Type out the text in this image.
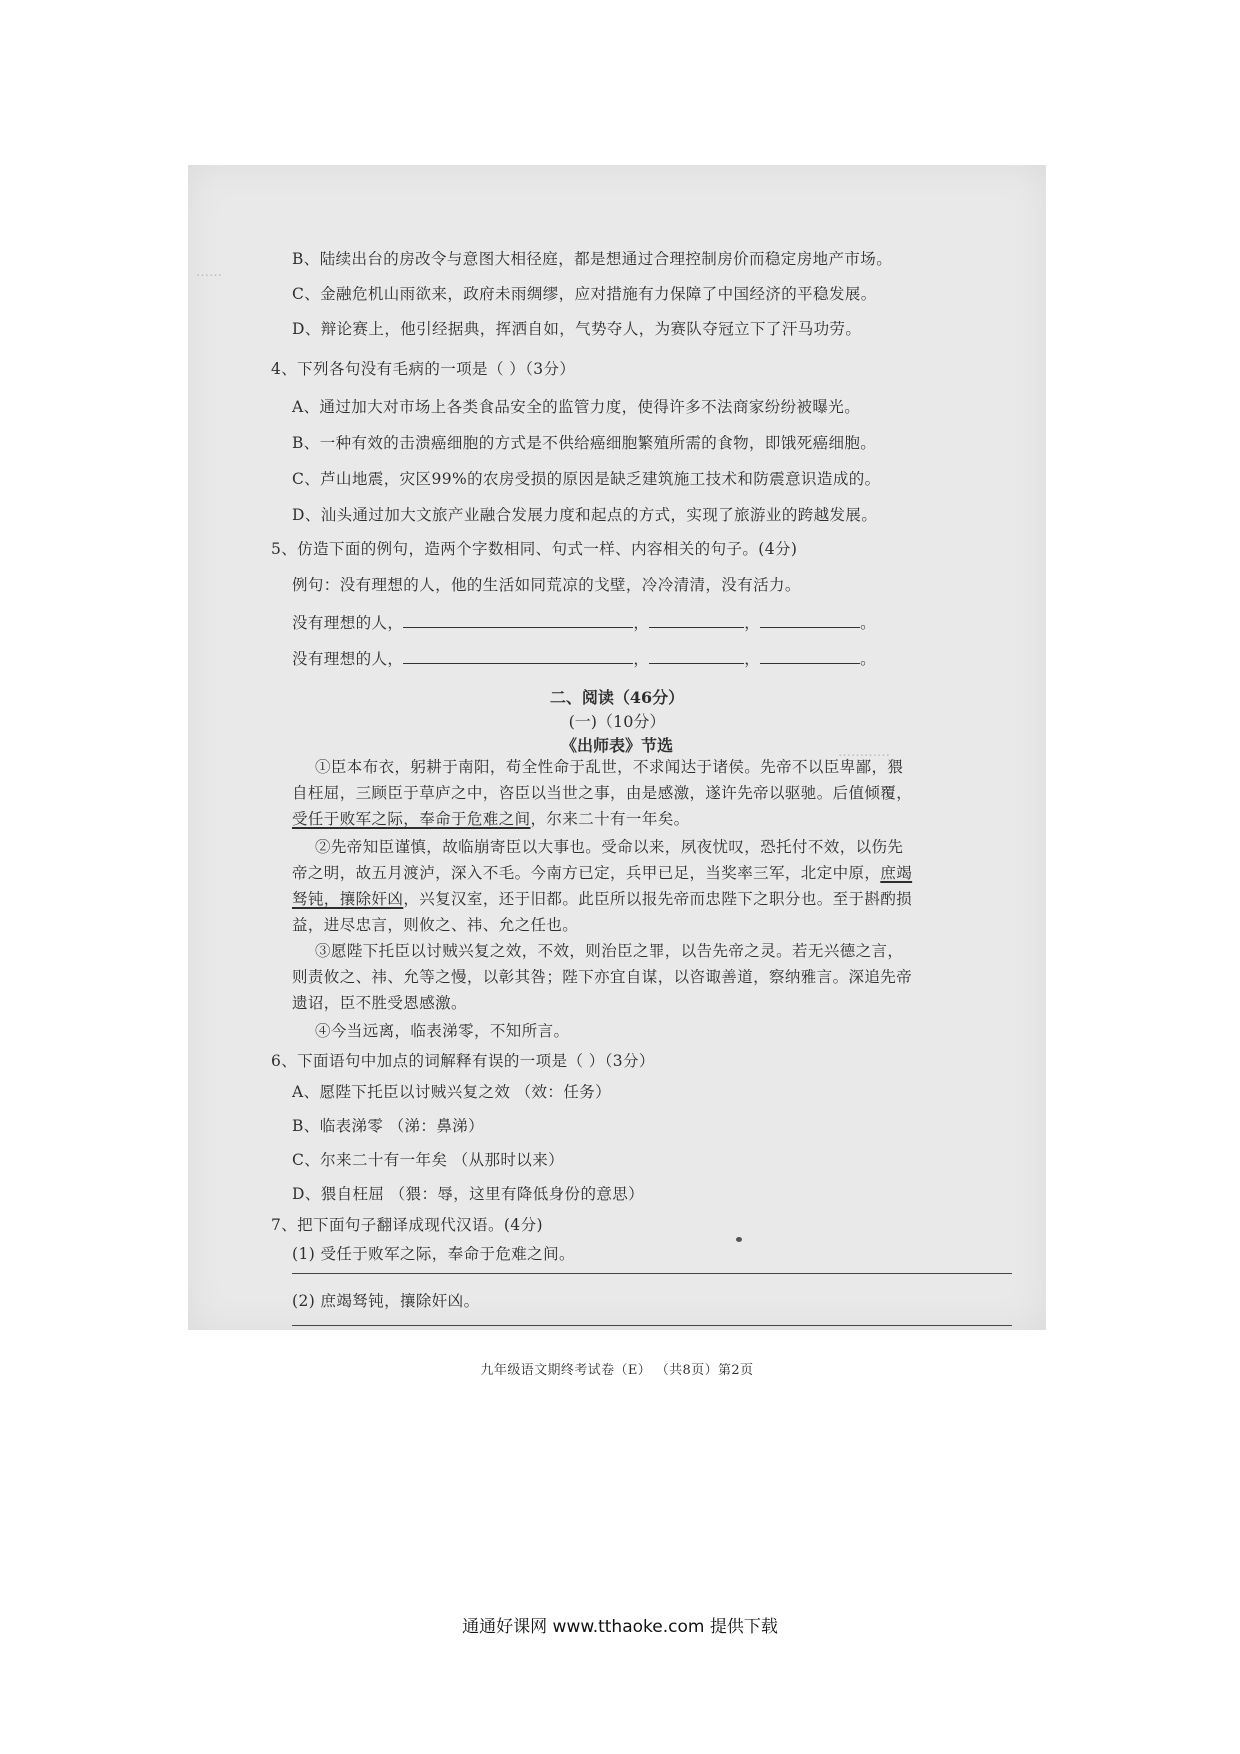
……
…………
B、陆续出台的房改令与意图大相径庭，都是想通过合理控制房价而稳定房地产市场。
C、金融危机山雨欲来，政府未雨绸缪，应对措施有力保障了中国经济的平稳发展。
D、辩论赛上，他引经据典，挥洒自如，气势夺人，为赛队夺冠立下了汗马功劳。
4、下列各句没有毛病的一项是（ ）（3分）
A、通过加大对市场上各类食品安全的监管力度，使得许多不法商家纷纷被曝光。
B、一种有效的击溃癌细胞的方式是不供给癌细胞繁殖所需的食物，即饿死癌细胞。
C、芦山地震，灾区99%的农房受损的原因是缺乏建筑施工技术和防震意识造成的。
D、汕头通过加大文旅产业融合发展力度和起点的方式，实现了旅游业的跨越发展。
5、仿造下面的例句，造两个字数相同、句式一样、内容相关的句子。(4分)
例句：没有理想的人，他的生活如同荒凉的戈壁，冷冷清清，没有活力。
没有理想的人，	，	，	。
没有理想的人，	，	，	。
二、阅读（46分）
(一)（10分）
《出师表》节选
①臣本布衣，躬耕于南阳，苟全性命于乱世，不求闻达于诸侯。先帝不以臣卑鄙，猥
自枉屈，三顾臣于草庐之中，咨臣以当世之事，由是感激，遂许先帝以驱驰。后值倾覆，
受任于败军之际，奉命于危难之间，尔来二十有一年矣。
②先帝知臣谨慎，故临崩寄臣以大事也。受命以来，夙夜忧叹，恐托付不效，以伤先
帝之明，故五月渡泸，深入不毛。今南方已定，兵甲已足，当奖率三军，北定中原，庶竭
驽钝，攘除奸凶，兴复汉室，还于旧都。此臣所以报先帝而忠陛下之职分也。至于斟酌损
益，进尽忠言，则攸之、祎、允之任也。
③愿陛下托臣以讨贼兴复之效，不效，则治臣之罪，以告先帝之灵。若无兴德之言，
则责攸之、祎、允等之慢，以彰其咎；陛下亦宜自谋，以咨诹善道，察纳雅言。深追先帝
遗诏，臣不胜受恩感激。
④今当远离，临表涕零，不知所言。
6、下面语句中加点的词解释有误的一项是（ ）（3分）
A、愿陛下托臣以讨贼兴复之效 （效：任务）
B、临表涕零 （涕：鼻涕）
C、尔来二十有一年矣 （从那时以来）
D、猥自枉屈 （猥：辱，这里有降低身份的意思）
7、把下面句子翻译成现代汉语。(4分)
(1) 受任于败军之际，奉命于危难之间。
(2) 庶竭驽钝，攘除奸凶。
九年级语文期终考试卷（E） （共8页）第2页
通通好课网 www.tthaoke.com 提供下载
